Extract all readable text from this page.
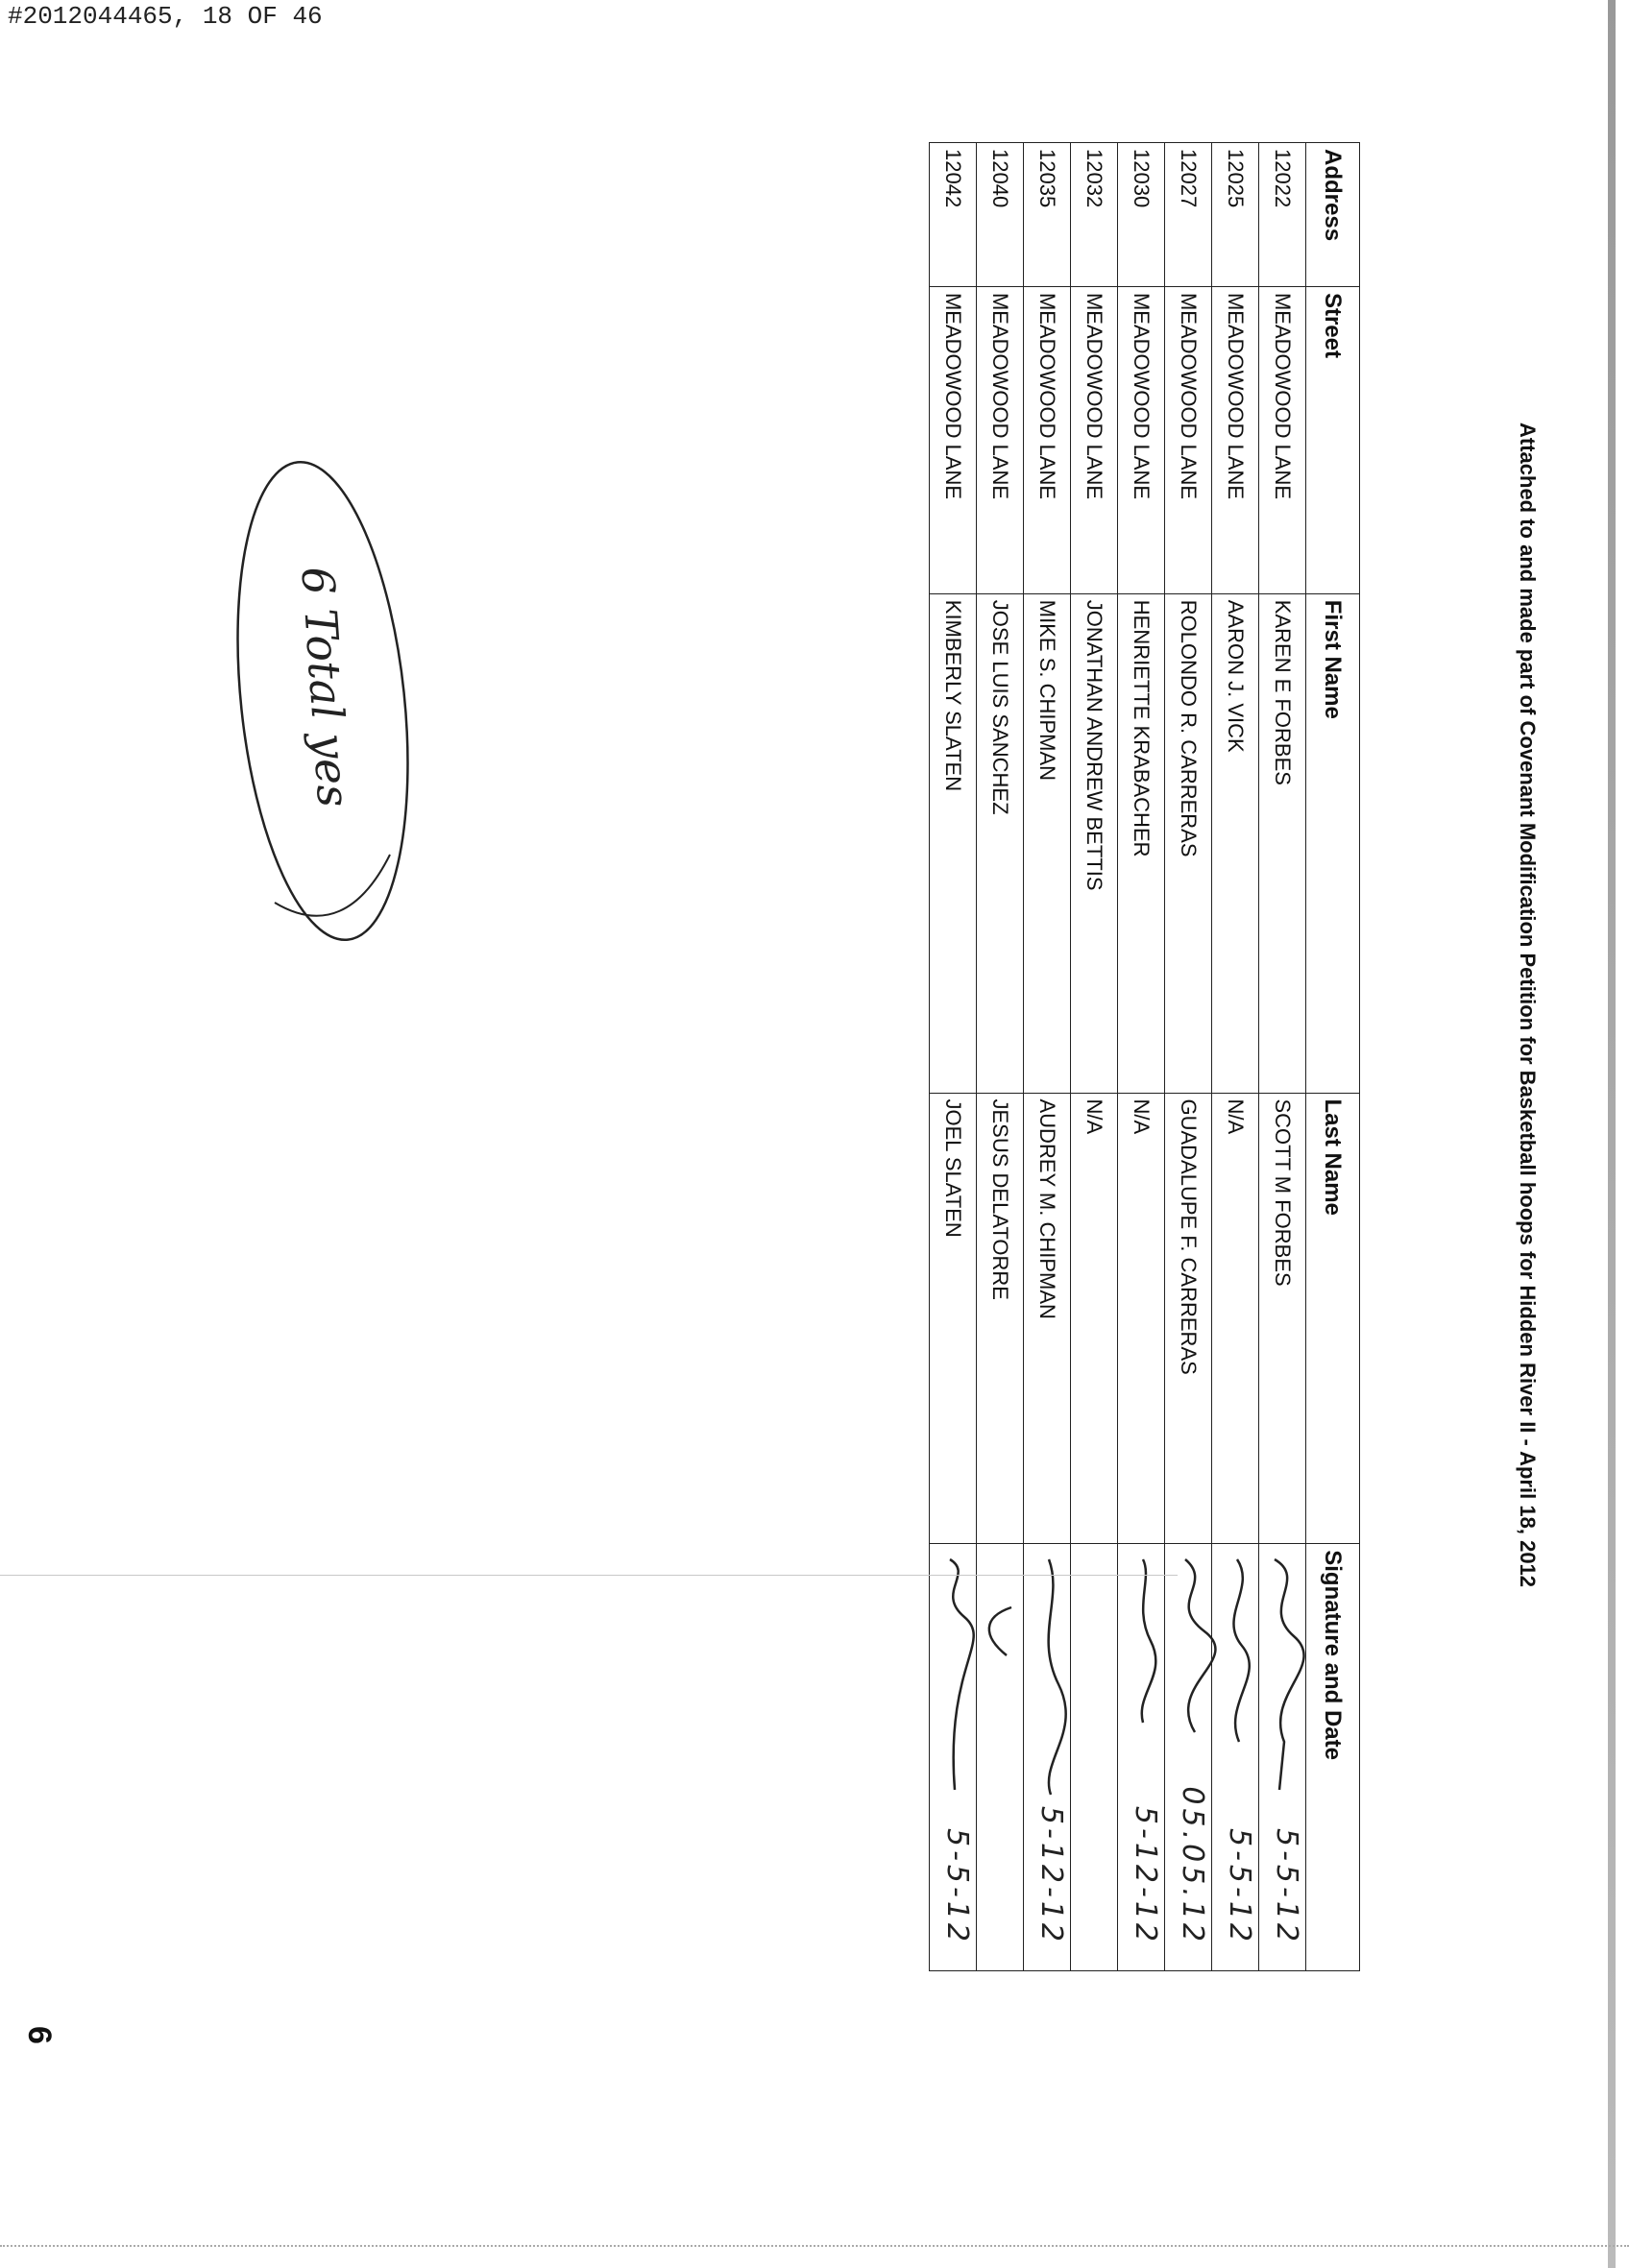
#2012044465, 18 OF 46
Attached to and made part of Covenant Modification Petition for Basketball hoops for Hidden River II - April 18, 2012
Address	Street	First Name	Last Name	Signature and Date
12022	MEADOWOOD LANE	KAREN E FORBES	SCOTT M FORBES	5-5-12

12025	MEADOWOOD LANE	AARON J. VICK	N/A	5-5-12

12027	MEADOWOOD LANE	ROLONDO R. CARRERAS	GUADALUPE F. CARRERAS	05.05.12

12030	MEADOWOOD LANE	HENRIETTE KRABACHER	N/A	5-12-12

12032	MEADOWOOD LANE	JONATHAN ANDREW BETTIS	N/A	

12035	MEADOWOOD LANE	MIKE S. CHIPMAN	AUDREY M. CHIPMAN	5-12-12

12040	MEADOWOOD LANE	JOSE LUIS SANCHEZ	JESUS DELATORRE	

12042	MEADOWOOD LANE	KIMBERLY SLATEN	JOEL SLATEN	5-5-12
6 Total yes
6
